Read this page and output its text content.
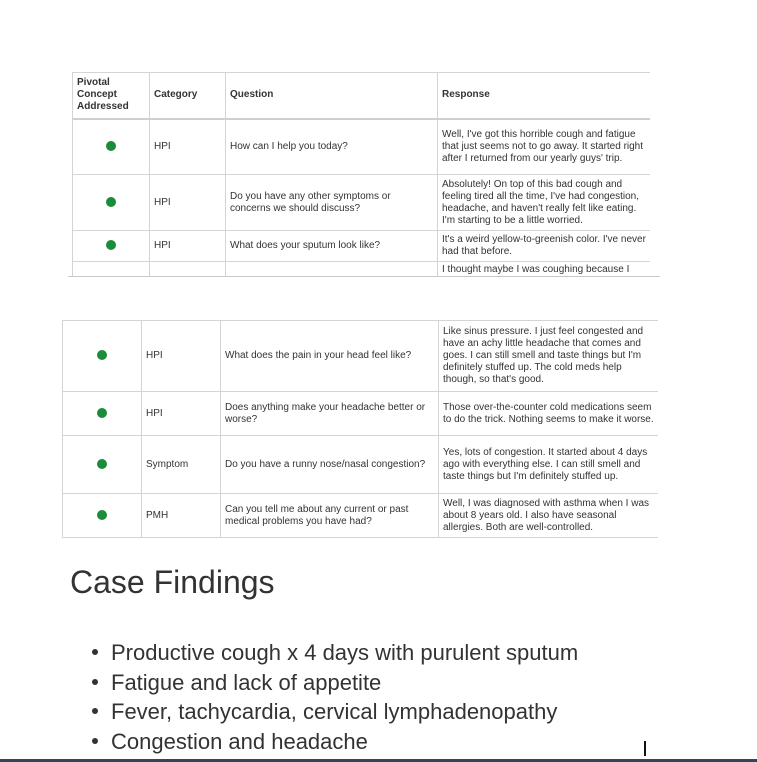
Pivotal Concept Addressed	Category	Question	Response
	HPI	How can I help you today?	Well, I've got this horrible cough and fatigue that just seems not to go away. It started right after I returned from our yearly guys' trip.
	HPI	Do you have any other symptoms or concerns we should discuss?	Absolutely! On top of this bad cough and feeling tired all the time, I've had congestion, headache, and haven't really felt like eating. I'm starting to be a little worried.
	HPI	What does your sputum look like?	It's a weird yellow-to-greenish color. I've never had that before.
			I thought maybe I was coughing because I
	HPI	What does the pain in your head feel like?	Like sinus pressure. I just feel congested and have an achy little headache that comes and goes. I can still smell and taste things but I'm definitely stuffed up. The cold meds help though, so that's good.
	HPI	Does anything make your headache better or worse?	Those over-the-counter cold medications seem to do the trick. Nothing seems to make it worse.
	Symptom	Do you have a runny nose/nasal congestion?	Yes, lots of congestion. It started about 4 days ago with everything else. I can still smell and taste things but I'm definitely stuffed up.
	PMH	Can you tell me about any current or past medical problems you have had?	Well, I was diagnosed with asthma when I was about 8 years old. I also have seasonal allergies. Both are well-controlled.
Case Findings
Productive cough x 4 days with purulent sputum
Fatigue and lack of appetite
Fever, tachycardia, cervical lymphadenopathy
Congestion and headache
